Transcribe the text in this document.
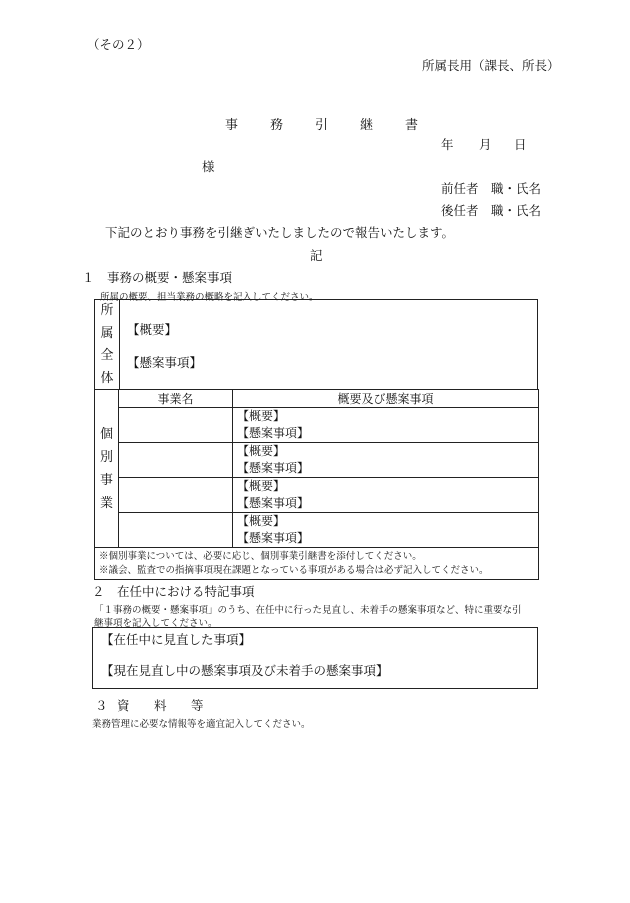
（その２）
所属長用（課長、所長）
事 務 引 継 書
年 月 日
様
前任者　職・氏名
後任者　職・氏名
下記のとおり事務を引継ぎいたしましたので報告いたします。
記
１　事務の概要・懸案事項
所属の概要、担当業務の概略を記入してください。
所
属
全
体
【概要】
【懸案事項】
個
別
事
業	事業名	概要及び懸案事項

		【概要】
【懸案事項】

		【概要】
【懸案事項】

		【概要】
【懸案事項】

		【概要】
【懸案事項】

※個別事業については、必要に応じ、個別事業引継書を添付してください。
※議会、監査での指摘事項現在課題となっている事項がある場合は必ず記入してください。		
２　在任中における特記事項
「１事務の概要・懸案事項」のうち、在任中に行った見直し、未着手の懸案事項など、特に重要な引
継事項を記入してください。
【在任中に見直した事項】
【現在見直し中の懸案事項及び未着手の懸案事項】
３ 資 料 等
業務管理に必要な情報等を適宜記入してください。
